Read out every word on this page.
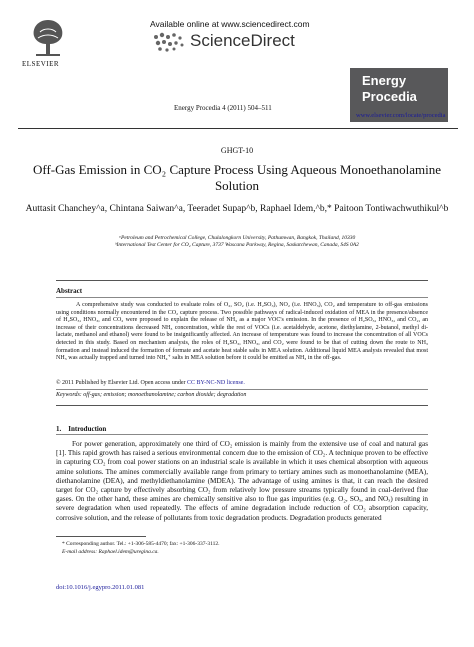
ELSEVIER
Available online at www.sciencedirect.com
ScienceDirect
Energy Procedia 4 (2011) 504–511
Energy
Procedia
www.elsevier.com/locate/procedia
GHGT-10
Off-Gas Emission in CO₂ Capture Process Using Aqueous Monoethanolamine Solution
Auttasit Chanchey^a, Chintana Saiwan^a, Teeradet Supap^b, Raphael Idem,^b,* Paitoon Tontiwachwuthikul^b
ᵃPetroleum and Petrochemical College, Chulalongkorn University, Pathumwan, Bangkok, Thailand, 10330
ᵇInternational Test Center for CO₂ Capture, 3737 Wascana Parkway, Regina, Saskatchewan, Canada, S4S 0A2
Abstract
A comprehensive study was conducted to evaluate roles of O₂, SO₂ (i.e. H₂SO₃), NO₂ (i.e. HNO₃), CO₂ and temperature to off-gas emissions using conditions normally encountered in the CO₂ capture process. Two possible pathways of radical-induced oxidation of MEA in the presence/absence of H₂SO₃, HNO₃, and CO₂ were proposed to explain the release of NH₃ as a major VOC's emission. In the presence of H₂SO₃, HNO₃, and CO₂, an increase of their concentrations decreased NH₃ concentration, while the rest of VOCs (i.e. acetaldehyde, acetone, diethylamine, 2-butanol, methyl di-lactate, methanol and ethanol) were found to be insignificantly affected. An increase of temperature was found to increase the concentration of all VOCs detected in this study. Based on mechanism analysis, the roles of H₂SO₃, HNO₃, and CO₂ were found to be that of cutting down the route to NH₃ formation and instead induced the formation of formate and acetate heat stable salts in MEA solution. Additional liquid MEA analysis revealed that most NH₃ was actually trapped and turned into NH₄⁺ salts in MEA solution before it could be emitted as NH₃ in the off-gas.
© 2011 Published by Elsevier Ltd. Open access under CC BY-NC-ND license.
Keywords: off-gas; emission; monoethanolamine; carbon dioxide; degradation
1.    Introduction
For power generation, approximately one third of CO₂ emission is mainly from the extensive use of coal and natural gas [1]. This rapid growth has raised a serious environmental concern due to the emission of CO₂. A technique proven to be effective in capturing CO₂ from coal power stations on an industrial scale is available in which it uses chemical absorption with aqueous amine solutions. The amines commercially available range from primary to tertiary amines such as monoethanolamine (MEA), diethanolamine (DEA), and methyldiethanolamine (MDEA). The advantage of using amines is that, it can reach the desired target for CO₂ capture by effectively absorbing CO₂ from relatively low pressure streams typically found in coal-derived flue gases. On the other hand, these amines are chemically sensitive also to flue gas impurities (e.g. O₂, SOₓ, and NOₓ) resulting in severe degradation when used repeatedly. The effects of amine degradation include reduction of CO₂ absorption capacity, corrosive solution, and the release of pollutants from toxic degradation products. Degradation products generated
* Corresponding author. Tel.: +1-306-585-4470; fax: +1-306-337-3112.
E-mail address: Raphael.idem@uregina.ca.
doi:10.1016/j.egypro.2011.01.081
